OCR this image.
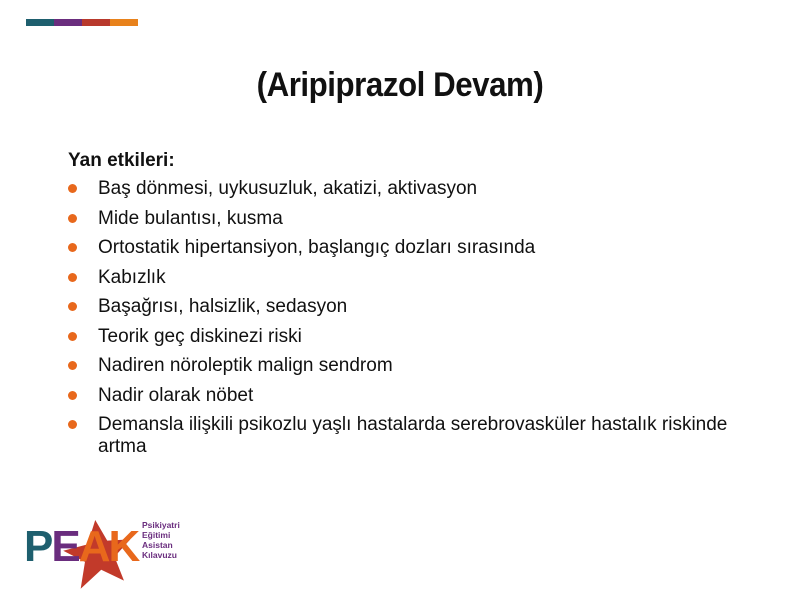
(Aripiprazol Devam)
Yan etkileri:
Baş dönmesi, uykusuzluk, akatizi, aktivasyon
Mide bulantısı, kusma
Ortostatik hipertansiyon, başlangıç dozları sırasında
Kabızlık
Başağrısı, halsizlik, sedasyon
Teorik geç diskinezi riski
Nadiren nöroleptik malign sendrom
Nadir olarak nöbet
Demansla ilişkili psikozlu yaşlı hastalarda serebrovasküler hastalık riskinde artma
PEAK Psikiyatri
Eğitimi
Asistan
Kılavuzu
